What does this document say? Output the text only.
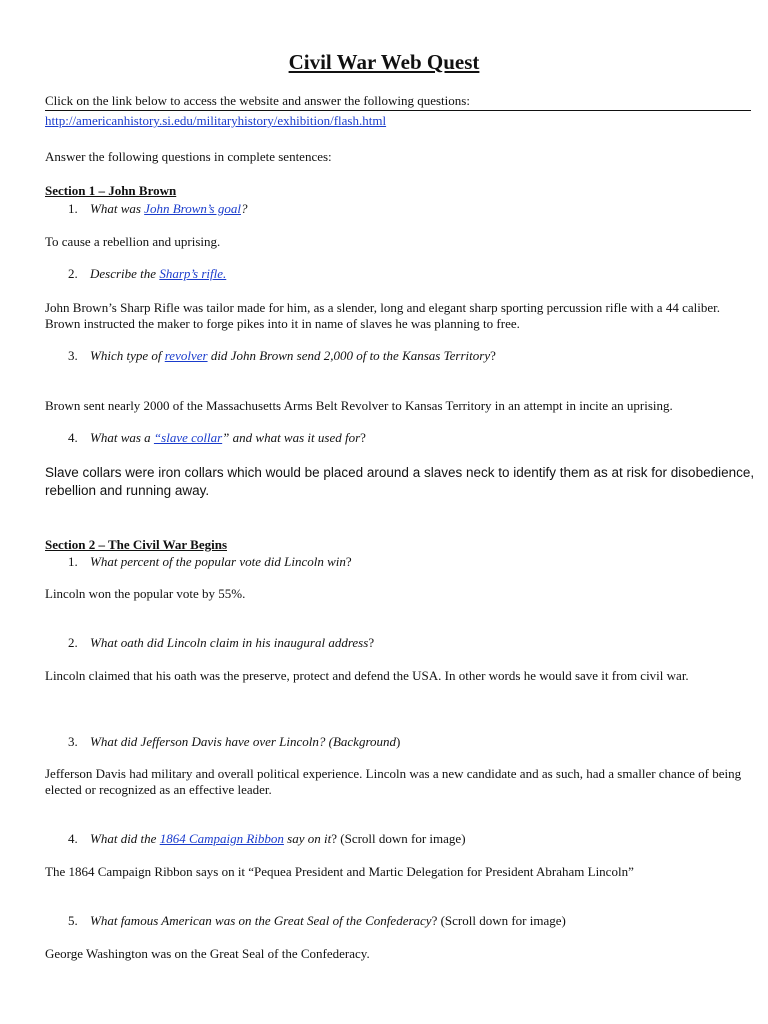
Civil War Web Quest
Click on the link below to access the website and answer the following questions:
http://americanhistory.si.edu/militaryhistory/exhibition/flash.html
Answer the following questions in complete sentences:
Section 1 – John Brown
1. What was John Brown’s goal?
To cause a rebellion and uprising.
2. Describe the Sharp’s rifle.
John Brown’s Sharp Rifle was tailor made for him, as a slender, long and elegant sharp sporting percussion rifle with a 44 caliber. Brown instructed the maker to forge pikes into it in name of slaves he was planning to free.
3. Which type of revolver did John Brown send 2,000 of to the Kansas Territory?
Brown sent nearly 2000 of the Massachusetts Arms Belt Revolver to Kansas Territory in an attempt in incite an uprising.
4. What was a “slave collar” and what was it used for?
Slave collars were iron collars which would be placed around a slaves neck to identify them as at risk for disobedience, rebellion and running away.
Section 2 – The Civil War Begins
1. What percent of the popular vote did Lincoln win?
Lincoln won the popular vote by 55%.
2. What oath did Lincoln claim in his inaugural address?
Lincoln claimed that his oath was the preserve, protect and defend the USA. In other words he would save it from civil war.
3. What did Jefferson Davis have over Lincoln? (Background)
Jefferson Davis had military and overall political experience. Lincoln was a new candidate and as such, had a smaller chance of being elected or recognized as an effective leader.
4. What did the 1864 Campaign Ribbon say on it? (Scroll down for image)
The 1864 Campaign Ribbon says on it “Pequea President and Martic Delegation for President Abraham Lincoln”
5. What famous American was on the Great Seal of the Confederacy? (Scroll down for image)
George Washington was on the Great Seal of the Confederacy.
